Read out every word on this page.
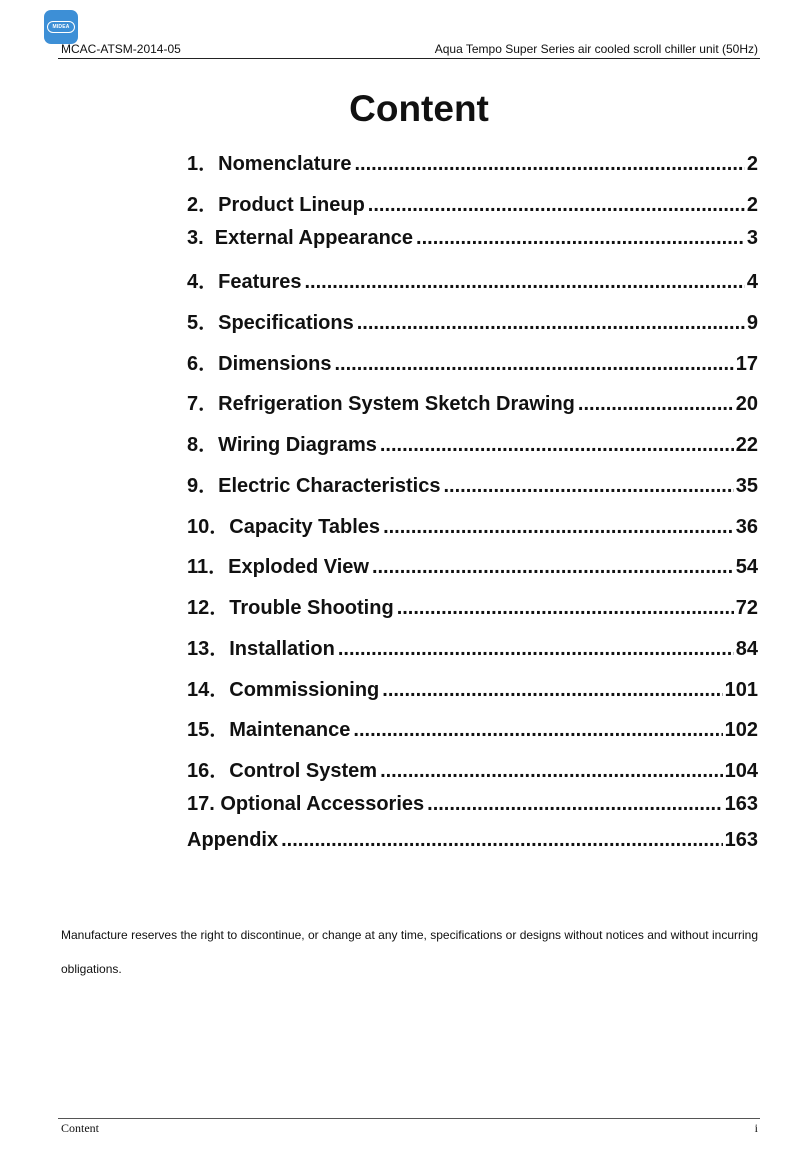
MIDEA
MCAC-ATSM-2014-05	Aqua Tempo Super Series air cooled scroll chiller unit (50Hz)
Content
1． Nomenclature .....	2
2． Product Lineup .....	2
3. External Appearance .....	3
4． Features .....	4
5． Specifications .....	9
6． Dimensions .....	17
7． Refrigeration System Sketch Drawing .....	20
8． Wiring Diagrams .....	22
9． Electric Characteristics .....	35
10． Capacity Tables .....	36
11． Exploded View .....	54
12． Trouble Shooting .....	72
13． Installation .....	84
14． Commissioning .....	101
15． Maintenance .....	102
16． Control System .....	104
17. Optional Accessories .....	163
Appendix .....	163
Manufacture reserves the right to discontinue, or change at any time, specifications or designs without notices and without incurring obligations.
Content	i
